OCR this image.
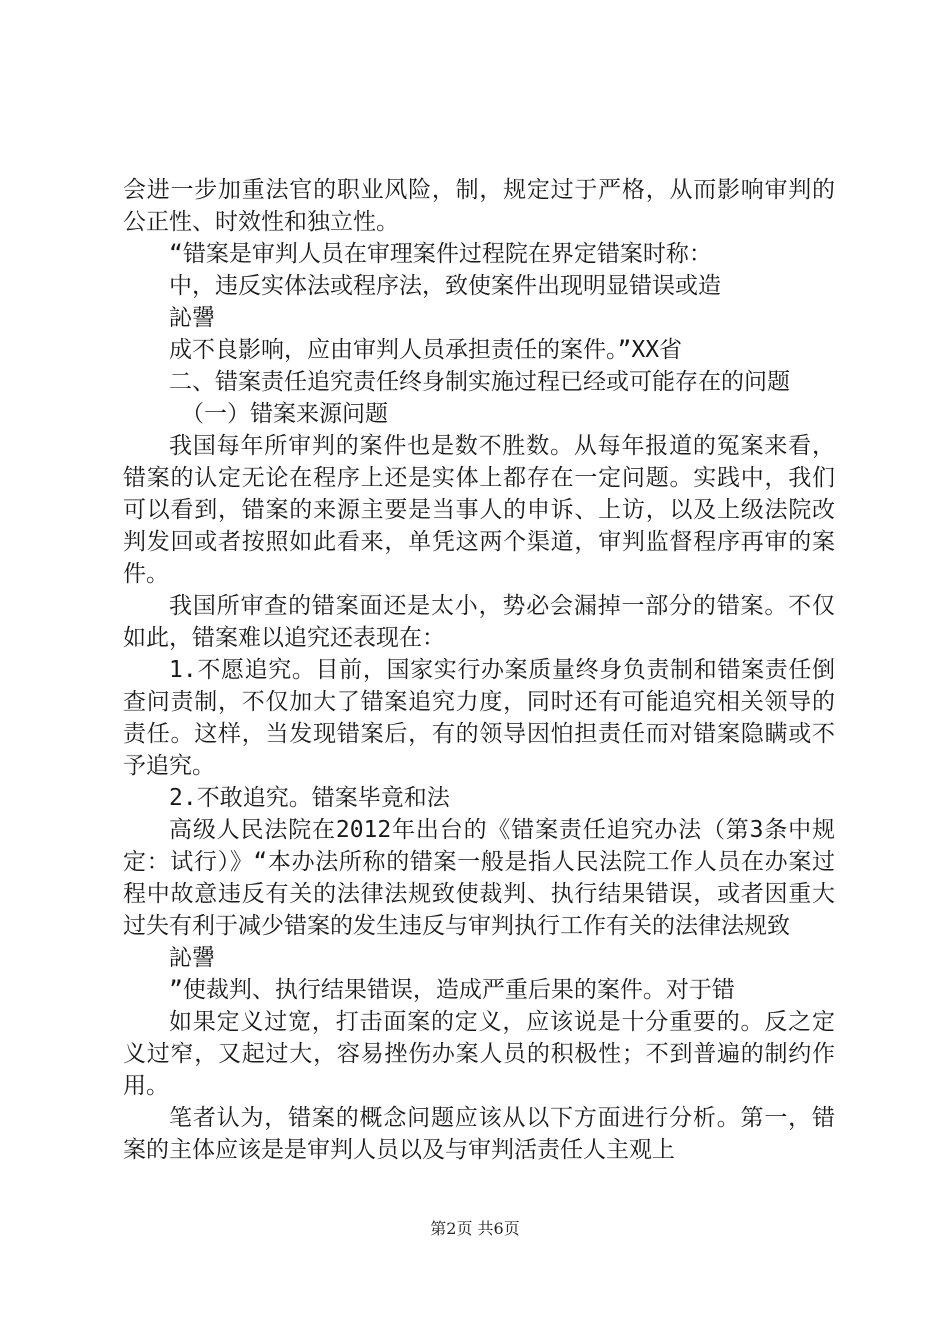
会进一步加重法官的职业风险，制，规定过于严格，从而影响审判的公正性、时效性和独立性。

“错案是审判人员在审理案件过程院在界定错案时称：

中，违反实体法或程序法，致使案件出现明显错误或造

訫謽

成不良影响，应由审判人员承担责任的案件。”XX省

二、错案责任追究责任终身制实施过程已经或可能存在的问题

（一）错案来源问题

我国每年所审判的案件也是数不胜数。从每年报道的冤案来看，错案的认定无论在程序上还是实体上都存在一定问题。实践中，我们可以看到，错案的来源主要是当事人的申诉、上访，以及上级法院改判发回或者按照如此看来，单凭这两个渠道，审判监督程序再审的案件。

我国所审查的错案面还是太小，势必会漏掉一部分的错案。不仅如此，错案难以追究还表现在：

1.不愿追究。目前，国家实行办案质量终身负责制和错案责任倒查问责制，不仅加大了错案追究力度，同时还有可能追究相关领导的责任。这样，当发现错案后，有的领导因怕担责任而对错案隐瞒或不予追究。

2.不敢追究。错案毕竟和法

高级人民法院在2012年出台的《错案责任追究办法（第3条中规定：试行）》“本办法所称的错案一般是指人民法院工作人员在办案过程中故意违反有关的法律法规致使裁判、执行结果错误，或者因重大过失有利于减少错案的发生违反与审判执行工作有关的法律法规致

訫謽

”使裁判、执行结果错误，造成严重后果的案件。对于错

如果定义过宽，打击面案的定义，应该说是十分重要的。反之定义过窄，又起过大，容易挫伤办案人员的积极性；不到普遍的制约作用。

笔者认为，错案的概念问题应该从以下方面进行分析。第一，错案的主体应该是是审判人员以及与审判活责任人主观上

第2页 共6页
